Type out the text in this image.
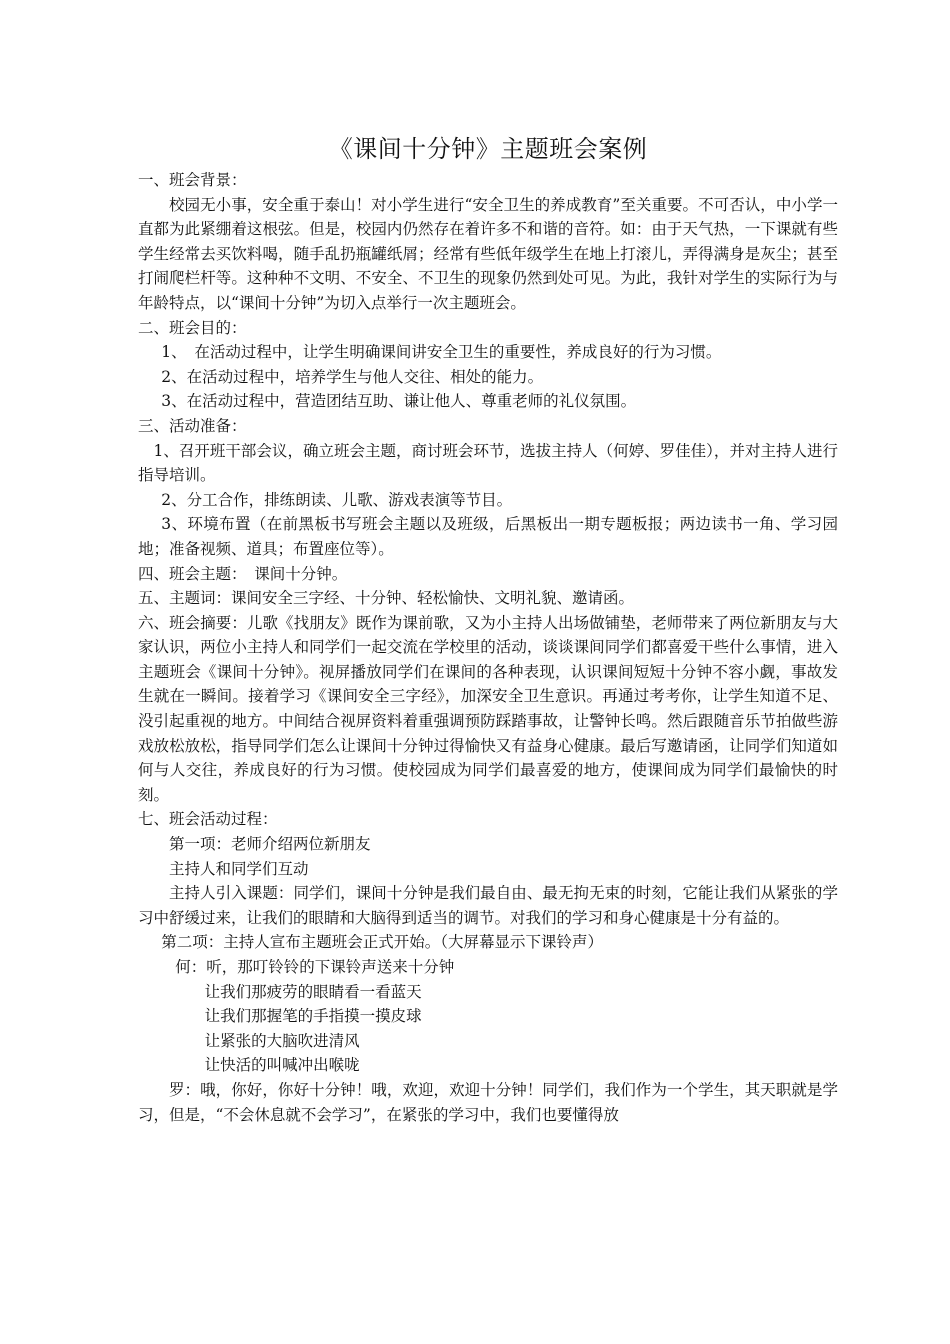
《课间十分钟》主题班会案例

一、班会背景：

校园无小事，安全重于泰山！对小学生进行“安全卫生的养成教育”至关重要。不可否认，中小学一直都为此紧绷着这根弦。但是，校园内仍然存在着许多不和谐的音符。如：由于天气热，一下课就有些学生经常去买饮料喝，随手乱扔瓶罐纸屑；经常有些低年级学生在地上打滚儿，弄得满身是灰尘；甚至打闹爬栏杆等。这种种不文明、不安全、不卫生的现象仍然到处可见。为此，我针对学生的实际行为与年龄特点，以“课间十分钟”为切入点举行一次主题班会。

二、班会目的：

1、　在活动过程中，让学生明确课间讲安全卫生的重要性，养成良好的行为习惯。

2、在活动过程中，培养学生与他人交往、相处的能力。

3、在活动过程中，营造团结互助、谦让他人、尊重老师的礼仪氛围。

三、活动准备：

1、召开班干部会议，确立班会主题，商讨班会环节，选拔主持人（何婷、罗佳佳），并对主持人进行指导培训。

2、分工合作，排练朗读、儿歌、游戏表演等节目。

3、环境布置（在前黑板书写班会主题以及班级，后黑板出一期专题板报；两边读书一角、学习园地；准备视频、道具；布置座位等）。

四、班会主题：　课间十分钟。

五、主题词：课间安全三字经、十分钟、轻松愉快、文明礼貌、邀请函。

六、班会摘要：儿歌《找朋友》既作为课前歌，又为小主持人出场做铺垫，老师带来了两位新朋友与大家认识，两位小主持人和同学们一起交流在学校里的活动，谈谈课间同学们都喜爱干些什么事情，进入主题班会《课间十分钟》。视屏播放同学们在课间的各种表现，认识课间短短十分钟不容小觑，事故发生就在一瞬间。接着学习《课间安全三字经》，加深安全卫生意识。再通过考考你，让学生知道不足、没引起重视的地方。中间结合视屏资料着重强调预防踩踏事故，让警钟长鸣。然后跟随音乐节拍做些游戏放松放松，指导同学们怎么让课间十分钟过得愉快又有益身心健康。最后写邀请函，让同学们知道如何与人交往，养成良好的行为习惯。使校园成为同学们最喜爱的地方，使课间成为同学们最愉快的时刻。

七、班会活动过程：

第一项：老师介绍两位新朋友

主持人和同学们互动

主持人引入课题：同学们，课间十分钟是我们最自由、最无拘无束的时刻，它能让我们从紧张的学习中舒缓过来，让我们的眼睛和大脑得到适当的调节。对我们的学习和身心健康是十分有益的。

第二项：主持人宣布主题班会正式开始。（大屏幕显示下课铃声）

何：听，那叮铃铃的下课铃声送来十分钟

让我们那疲劳的眼睛看一看蓝天

让我们那握笔的手指摸一摸皮球

让紧张的大脑吹进清风

让快活的叫喊冲出喉咙

罗：哦，你好，你好十分钟！哦，欢迎，欢迎十分钟！同学们，我们作为一个学生，其天职就是学习，但是，“不会休息就不会学习”，在紧张的学习中，我们也要懂得放
